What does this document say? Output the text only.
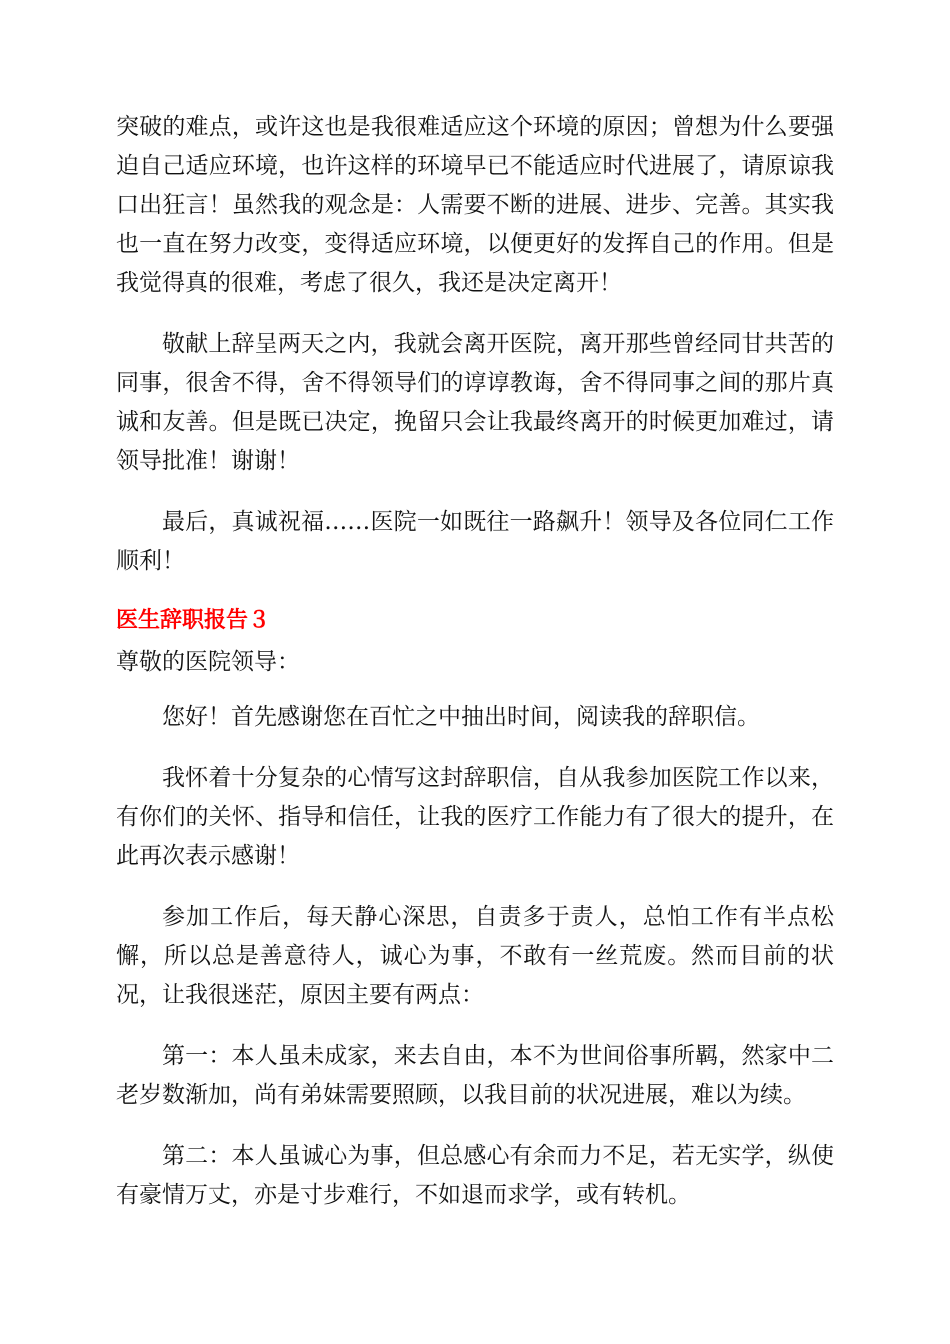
突破的难点，或许这也是我很难适应这个环境的原因；曾想为什么要强迫自己适应环境，也许这样的环境早已不能适应时代进展了，请原谅我口出狂言！虽然我的观念是：人需要不断的进展、进步、完善。其实我也一直在努力改变，变得适应环境，以便更好的发挥自己的作用。但是我觉得真的很难，考虑了很久，我还是决定离开！

敬献上辞呈两天之内，我就会离开医院，离开那些曾经同甘共苦的同事，很舍不得，舍不得领导们的谆谆教诲，舍不得同事之间的那片真诚和友善。但是既已决定，挽留只会让我最终离开的时候更加难过，请领导批准！谢谢！

最后，真诚祝福……医院一如既往一路飙升！领导及各位同仁工作顺利！

医生辞职报告３

尊敬的医院领导：

您好！首先感谢您在百忙之中抽出时间，阅读我的辞职信。

我怀着十分复杂的心情写这封辞职信，自从我参加医院工作以来，有你们的关怀、指导和信任，让我的医疗工作能力有了很大的提升，在此再次表示感谢！

参加工作后，每天静心深思，自责多于责人，总怕工作有半点松懈，所以总是善意待人，诚心为事，不敢有一丝荒废。然而目前的状况，让我很迷茫，原因主要有两点：

第一：本人虽未成家，来去自由，本不为世间俗事所羁，然家中二老岁数渐加，尚有弟妹需要照顾，以我目前的状况进展，难以为续。

第二：本人虽诚心为事，但总感心有余而力不足，若无实学，纵使有豪情万丈，亦是寸步难行，不如退而求学，或有转机。
